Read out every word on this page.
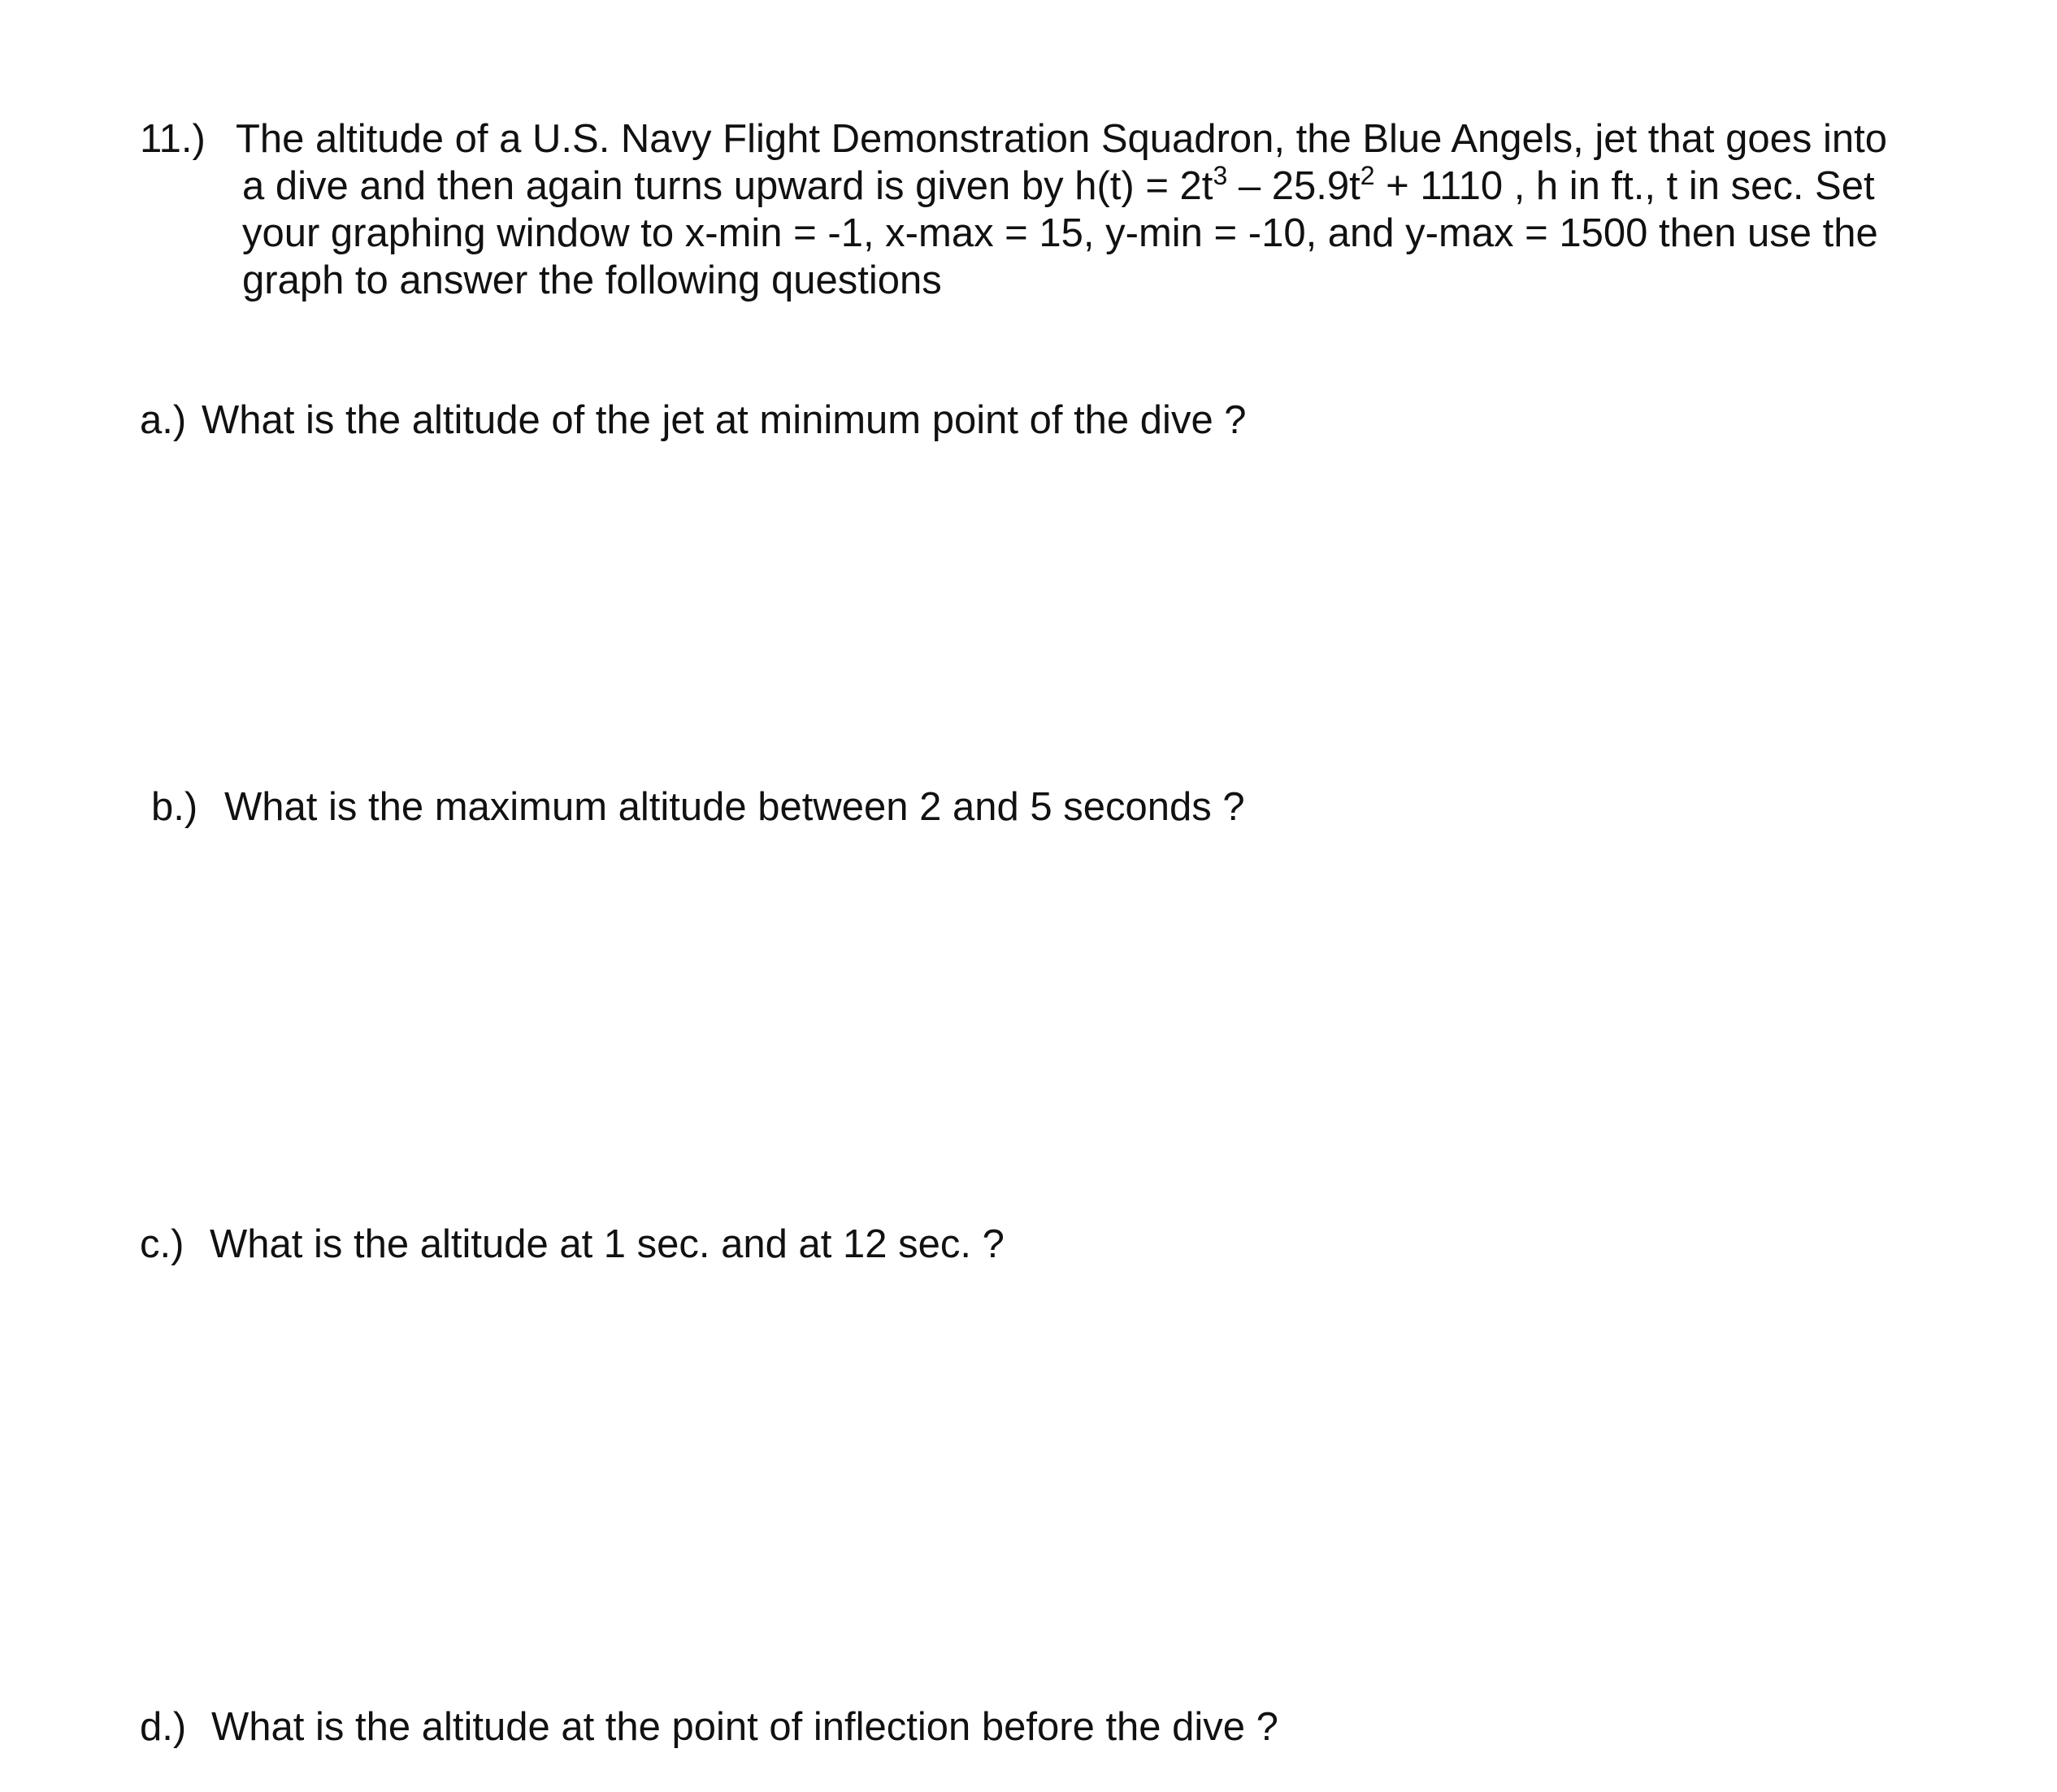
11.) The altitude of a U.S. Navy Flight Demonstration Squadron, the Blue Angels, jet that goes into
a dive and then again turns upward is given by $h(t) = 2t^3 - 25.9t^2 + 1110$ , h in ft., t in sec. Set
your graphing window to x-min = -1, x-max = 15, y-min = -10, and y-max = 1500 then use the
graph to answer the following questions
a.) What is the altitude of the jet at minimum point of the dive ?
b.) What is the maximum altitude between 2 and 5 seconds ?
c.) What is the altitude at 1 sec. and at 12 sec. ?
d.) What is the altitude at the point of inflection before the dive ?
